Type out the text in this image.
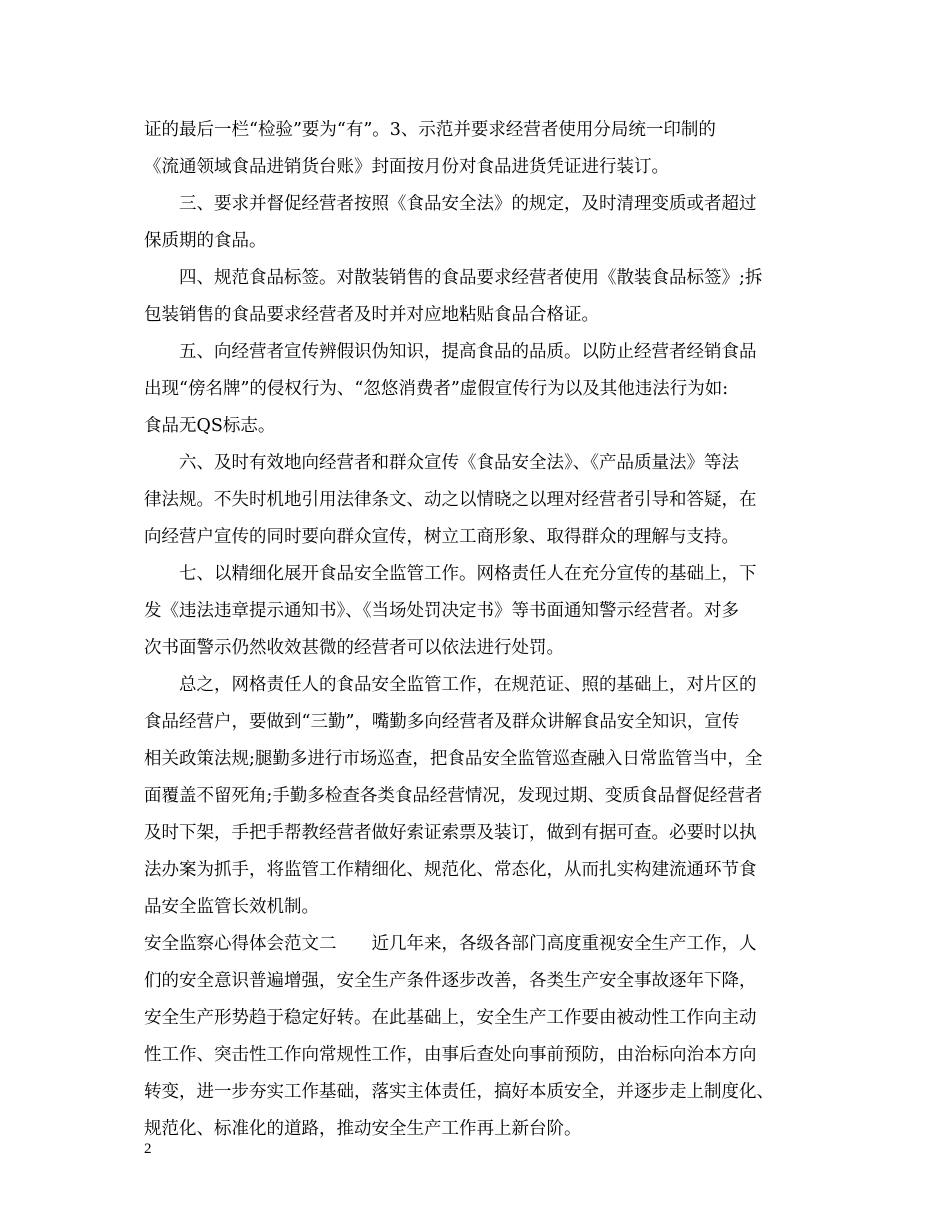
证的最后一栏“检验”要为“有”。3、示范并要求经营者使用分局统一印制的
《流通领域食品进销货台账》封面按月份对食品进货凭证进行装订。
三、要求并督促经营者按照《食品安全法》的规定，及时清理变质或者超过
保质期的食品。
四、规范食品标签。对散装销售的食品要求经营者使用《散装食品标签》;拆
包装销售的食品要求经营者及时并对应地粘贴食品合格证。
五、向经营者宣传辨假识伪知识，提高食品的品质。以防止经营者经销食品
出现“傍名牌”的侵权行为、“忽悠消费者”虚假宣传行为以及其他违法行为如:
食品无QS标志。
六、及时有效地向经营者和群众宣传《食品安全法》、《产品质量法》等法
律法规。不失时机地引用法律条文、动之以情晓之以理对经营者引导和答疑，在
向经营户宣传的同时要向群众宣传，树立工商形象、取得群众的理解与支持。
七、以精细化展开食品安全监管工作。网格责任人在充分宣传的基础上，下
发《违法违章提示通知书》、《当场处罚决定书》等书面通知警示经营者。对多
次书面警示仍然收效甚微的经营者可以依法进行处罚。
总之，网格责任人的食品安全监管工作，在规范证、照的基础上，对片区的
食品经营户，要做到“三勤”，嘴勤多向经营者及群众讲解食品安全知识，宣传
相关政策法规;腿勤多进行市场巡查，把食品安全监管巡查融入日常监管当中，全
面覆盖不留死角;手勤多检查各类食品经营情况，发现过期、变质食品督促经营者
及时下架，手把手帮教经营者做好索证索票及装订，做到有据可查。必要时以执
法办案为抓手，将监管工作精细化、规范化、常态化，从而扎实构建流通环节食
品安全监管长效机制。
安全监察心得体会范文二　　近几年来，各级各部门高度重视安全生产工作，人
们的安全意识普遍增强，安全生产条件逐步改善，各类生产安全事故逐年下降，
安全生产形势趋于稳定好转。在此基础上，安全生产工作要由被动性工作向主动
性工作、突击性工作向常规性工作，由事后查处向事前预防，由治标向治本方向
转变，进一步夯实工作基础，落实主体责任，搞好本质安全，并逐步走上制度化、
规范化、标准化的道路，推动安全生产工作再上新台阶。
2
